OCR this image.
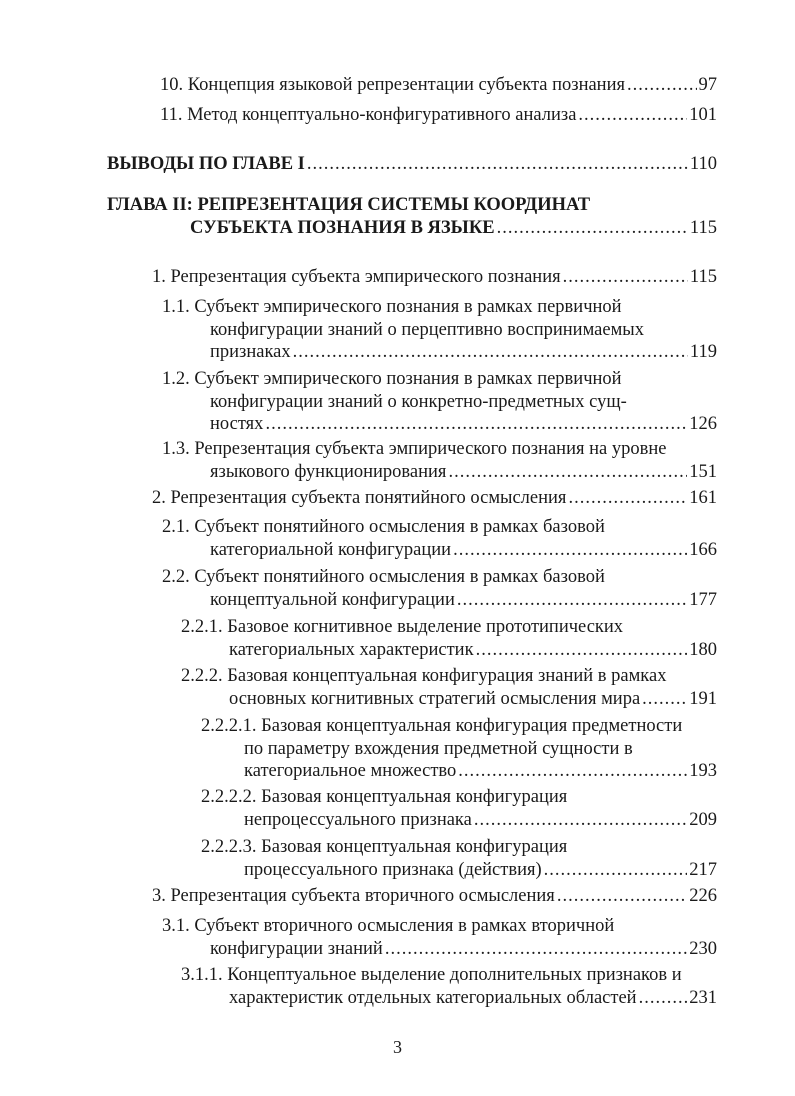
10. Концепция языковой репрезентации субъекта познания .....	97
11. Метод концептуально-конфигуративного анализа .....	101
ВЫВОДЫ ПО ГЛАВЕ I .....	110
ГЛАВА II: РЕПРЕЗЕНТАЦИЯ СИСТЕМЫ КООРДИНАТ
СУБЪЕКТА ПОЗНАНИЯ В ЯЗЫКЕ .....	115
1. Репрезентация субъекта эмпирического познания .....	115
1.1. Субъект эмпирического познания в рамках первичной
конфигурации знаний о перцептивно воспринимаемых
признаках .....	119
1.2. Субъект эмпирического познания в рамках первичной
конфигурации знаний о конкретно-предметных сущ-
ностях .....	126
1.3. Репрезентация субъекта эмпирического познания на уровне
языкового функционирования .....	151
2. Репрезентация субъекта понятийного осмысления .....	161
2.1. Субъект понятийного осмысления в рамках базовой
категориальной конфигурации .....	166
2.2. Субъект понятийного осмысления в рамках базовой
концептуальной конфигурации .....	177
2.2.1. Базовое когнитивное выделение прототипических
категориальных характеристик .....	180
2.2.2. Базовая концептуальная конфигурация знаний в рамках
основных когнитивных стратегий осмысления мира .....	191
2.2.2.1. Базовая концептуальная конфигурация предметности
по параметру вхождения предметной сущности в
категориальное множество .....	193
2.2.2.2. Базовая концептуальная конфигурация
непроцессуального признака .....	209
2.2.2.3. Базовая концептуальная конфигурация
процессуального признака (действия) .....	217
3. Репрезентация субъекта вторичного осмысления .....	226
3.1. Субъект вторичного осмысления в рамках вторичной
конфигурации знаний .....	230
3.1.1. Концептуальное выделение дополнительных признаков и
характеристик отдельных категориальных областей .....	231
3
